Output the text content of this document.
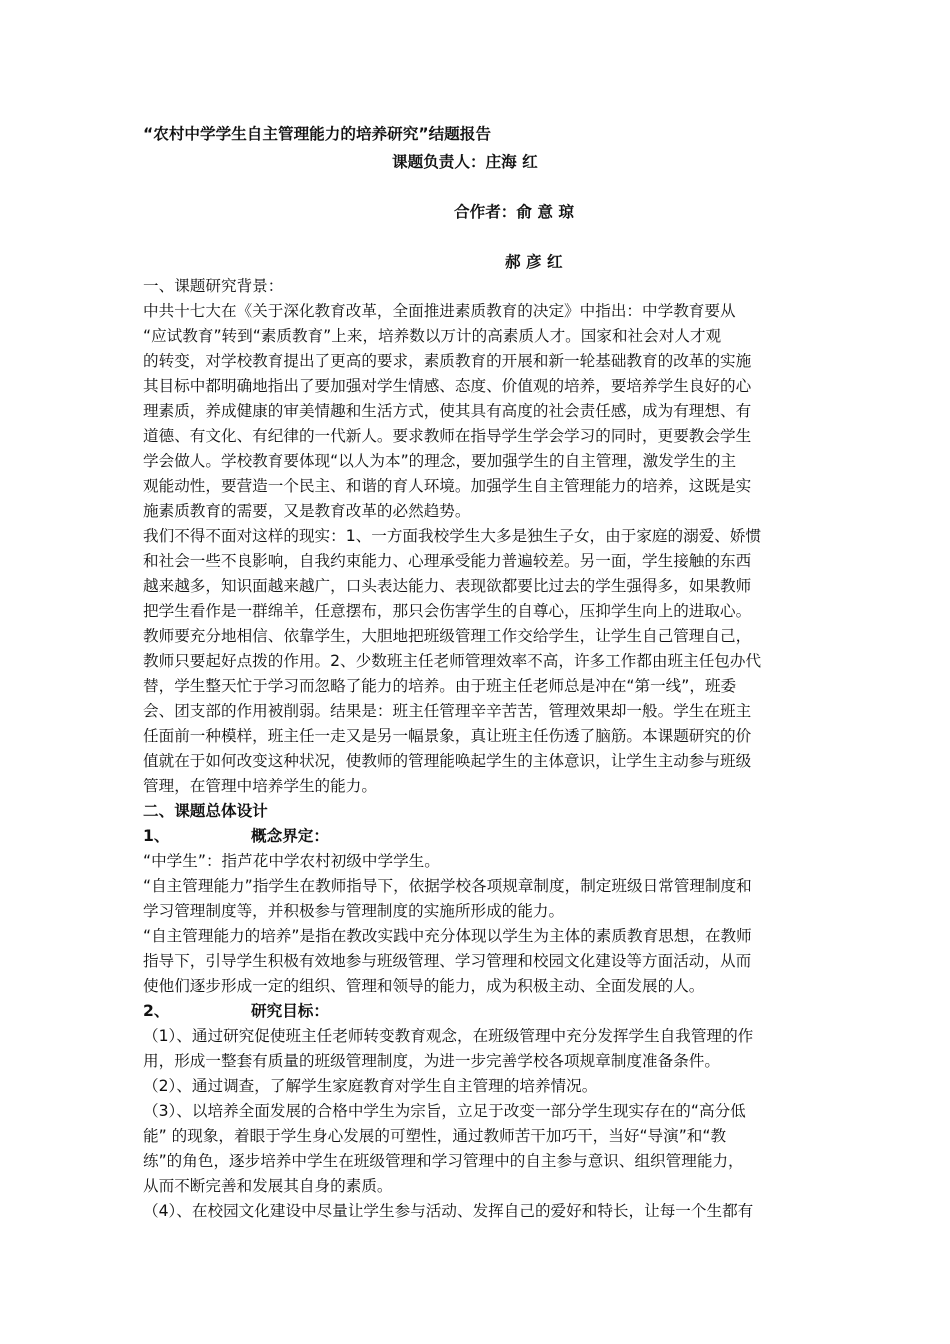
“农村中学学生自主管理能力的培养研究”结题报告
课题负责人：庄海 红
合作者：俞 意 琼
郝 彦 红
一、课题研究背景：
中共十七大在《关于深化教育改革，全面推进素质教育的决定》中指出：中学教育要从
“应试教育”转到“素质教育”上来，培养数以万计的高素质人才。国家和社会对人才观
的转变，对学校教育提出了更高的要求，素质教育的开展和新一轮基础教育的改革的实施
其目标中都明确地指出了要加强对学生情感、态度、价值观的培养，要培养学生良好的心
理素质，养成健康的审美情趣和生活方式，使其具有高度的社会责任感，成为有理想、有
道德、有文化、有纪律的一代新人。要求教师在指导学生学会学习的同时，更要教会学生
学会做人。学校教育要体现“以人为本”的理念，要加强学生的自主管理，激发学生的主
观能动性，要营造一个民主、和谐的育人环境。加强学生自主管理能力的培养，这既是实
施素质教育的需要，又是教育改革的必然趋势。
我们不得不面对这样的现实：1、一方面我校学生大多是独生子女，由于家庭的溺爱、娇惯
和社会一些不良影响，自我约束能力、心理承受能力普遍较差。另一面，学生接触的东西
越来越多，知识面越来越广，口头表达能力、表现欲都要比过去的学生强得多，如果教师
把学生看作是一群绵羊，任意摆布，那只会伤害学生的自尊心，压抑学生向上的进取心。
教师要充分地相信、依靠学生，大胆地把班级管理工作交给学生，让学生自己管理自己，
教师只要起好点拨的作用。2、少数班主任老师管理效率不高，许多工作都由班主任包办代
替，学生整天忙于学习而忽略了能力的培养。由于班主任老师总是冲在“第一线”，班委
会、团支部的作用被削弱。结果是：班主任管理辛辛苦苦，管理效果却一般。学生在班主
任面前一种模样，班主任一走又是另一幅景象，真让班主任伤透了脑筋。本课题研究的价
值就在于如何改变这种状况，使教师的管理能唤起学生的主体意识，让学生主动参与班级
管理，在管理中培养学生的能力。
二、课题总体设计
1、	概念界定：
“中学生”：指芦花中学农村初级中学学生。
“自主管理能力”指学生在教师指导下，依据学校各项规章制度，制定班级日常管理制度和
学习管理制度等，并积极参与管理制度的实施所形成的能力。
“自主管理能力的培养”是指在教改实践中充分体现以学生为主体的素质教育思想，在教师
指导下，引导学生积极有效地参与班级管理、学习管理和校园文化建设等方面活动，从而
使他们逐步形成一定的组织、管理和领导的能力，成为积极主动、全面发展的人。
2、	研究目标：
（1）、通过研究促使班主任老师转变教育观念，在班级管理中充分发挥学生自我管理的作
用，形成一整套有质量的班级管理制度，为进一步完善学校各项规章制度准备条件。
（2）、通过调查，了解学生家庭教育对学生自主管理的培养情况。
（3）、以培养全面发展的合格中学生为宗旨，立足于改变一部分学生现实存在的“高分低
能” 的现象，着眼于学生身心发展的可塑性，通过教师苦干加巧干，当好“导演”和“教
练”的角色，逐步培养中学生在班级管理和学习管理中的自主参与意识、组织管理能力，
从而不断完善和发展其自身的素质。
（4）、在校园文化建设中尽量让学生参与活动、发挥自己的爱好和特长，让每一个生都有
